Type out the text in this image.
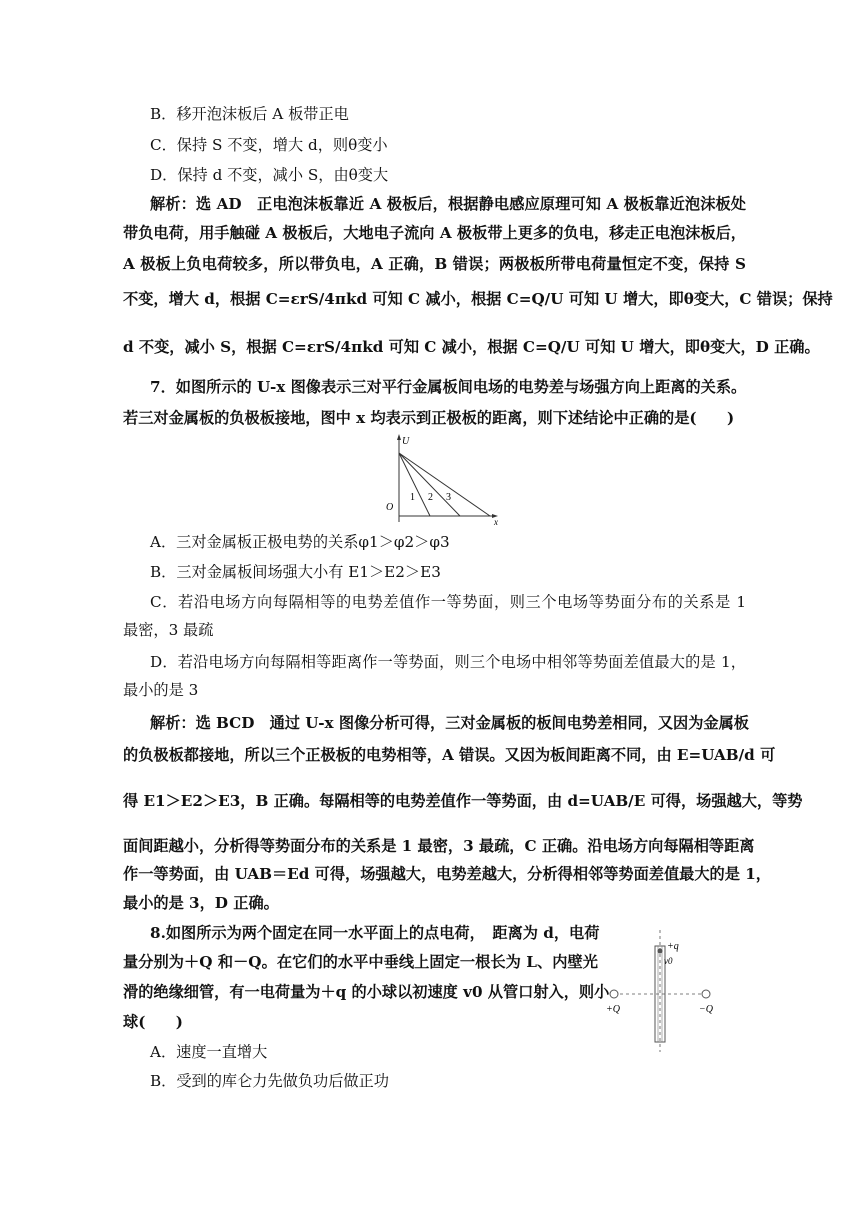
B．移开泡沫板后 A 板带正电
C．保持 S 不变，增大 d，则θ变小
D．保持 d 不变，减小 S，由θ变大
解析：选 AD　正电泡沫板靠近 A 极板后，根据静电感应原理可知 A 极板靠近泡沫板处
带负电荷，用手触碰 A 极板后，大地电子流向 A 极板带上更多的负电，移走正电泡沫板后，
A 极板上负电荷较多，所以带负电，A 正确，B 错误；两极板所带电荷量恒定不变，保持 S
不变，增大 d，根据 C=εrS/4πkd 可知 C 减小，根据 C=Q/U 可知 U 增大，即θ变大，C 错误；保持
d 不变，减小 S，根据 C=εrS/4πkd 可知 C 减小，根据 C=Q/U 可知 U 增大，即θ变大，D 正确。
7．如图所示的 U-x 图像表示三对平行金属板间电场的电势差与场强方向上距离的关系。
若三对金属板的负极板接地，图中 x 均表示到正极板的距离，则下述结论中正确的是(　　)
U
x
O
1 2 3
A．三对金属板正极电势的关系φ1＞φ2＞φ3
B．三对金属板间场强大小有 E1＞E2＞E3
C．若沿电场方向每隔相等的电势差值作一等势面，则三个电场等势面分布的关系是 1
最密，3 最疏
D．若沿电场方向每隔相等距离作一等势面，则三个电场中相邻等势面差值最大的是 1，
最小的是 3
解析：选 BCD　通过 U-x 图像分析可得，三对金属板的板间电势差相同，又因为金属板
的负极板都接地，所以三个正极板的电势相等，A 错误。又因为板间距离不同，由 E=UAB/d 可
得 E1＞E2＞E3，B 正确。每隔相等的电势差值作一等势面，由 d=UAB/E 可得，场强越大，等势
面间距越小，分析得等势面分布的关系是 1 最密，3 最疏，C 正确。沿电场方向每隔相等距离
作一等势面，由 UAB＝Ed 可得，场强越大，电势差越大，分析得相邻等势面差值最大的是 1，
最小的是 3，D 正确。
8.如图所示为两个固定在同一水平面上的点电荷，　距离为 d，电荷
量分别为＋Q 和－Q。在它们的水平中垂线上固定一根长为 L、内壁光
滑的绝缘细管，有一电荷量为＋q 的小球以初速度 v0 从管口射入，则小
球(　　)
+q
v0
+Q	−Q
A．速度一直增大
B．受到的库仑力先做负功后做正功
